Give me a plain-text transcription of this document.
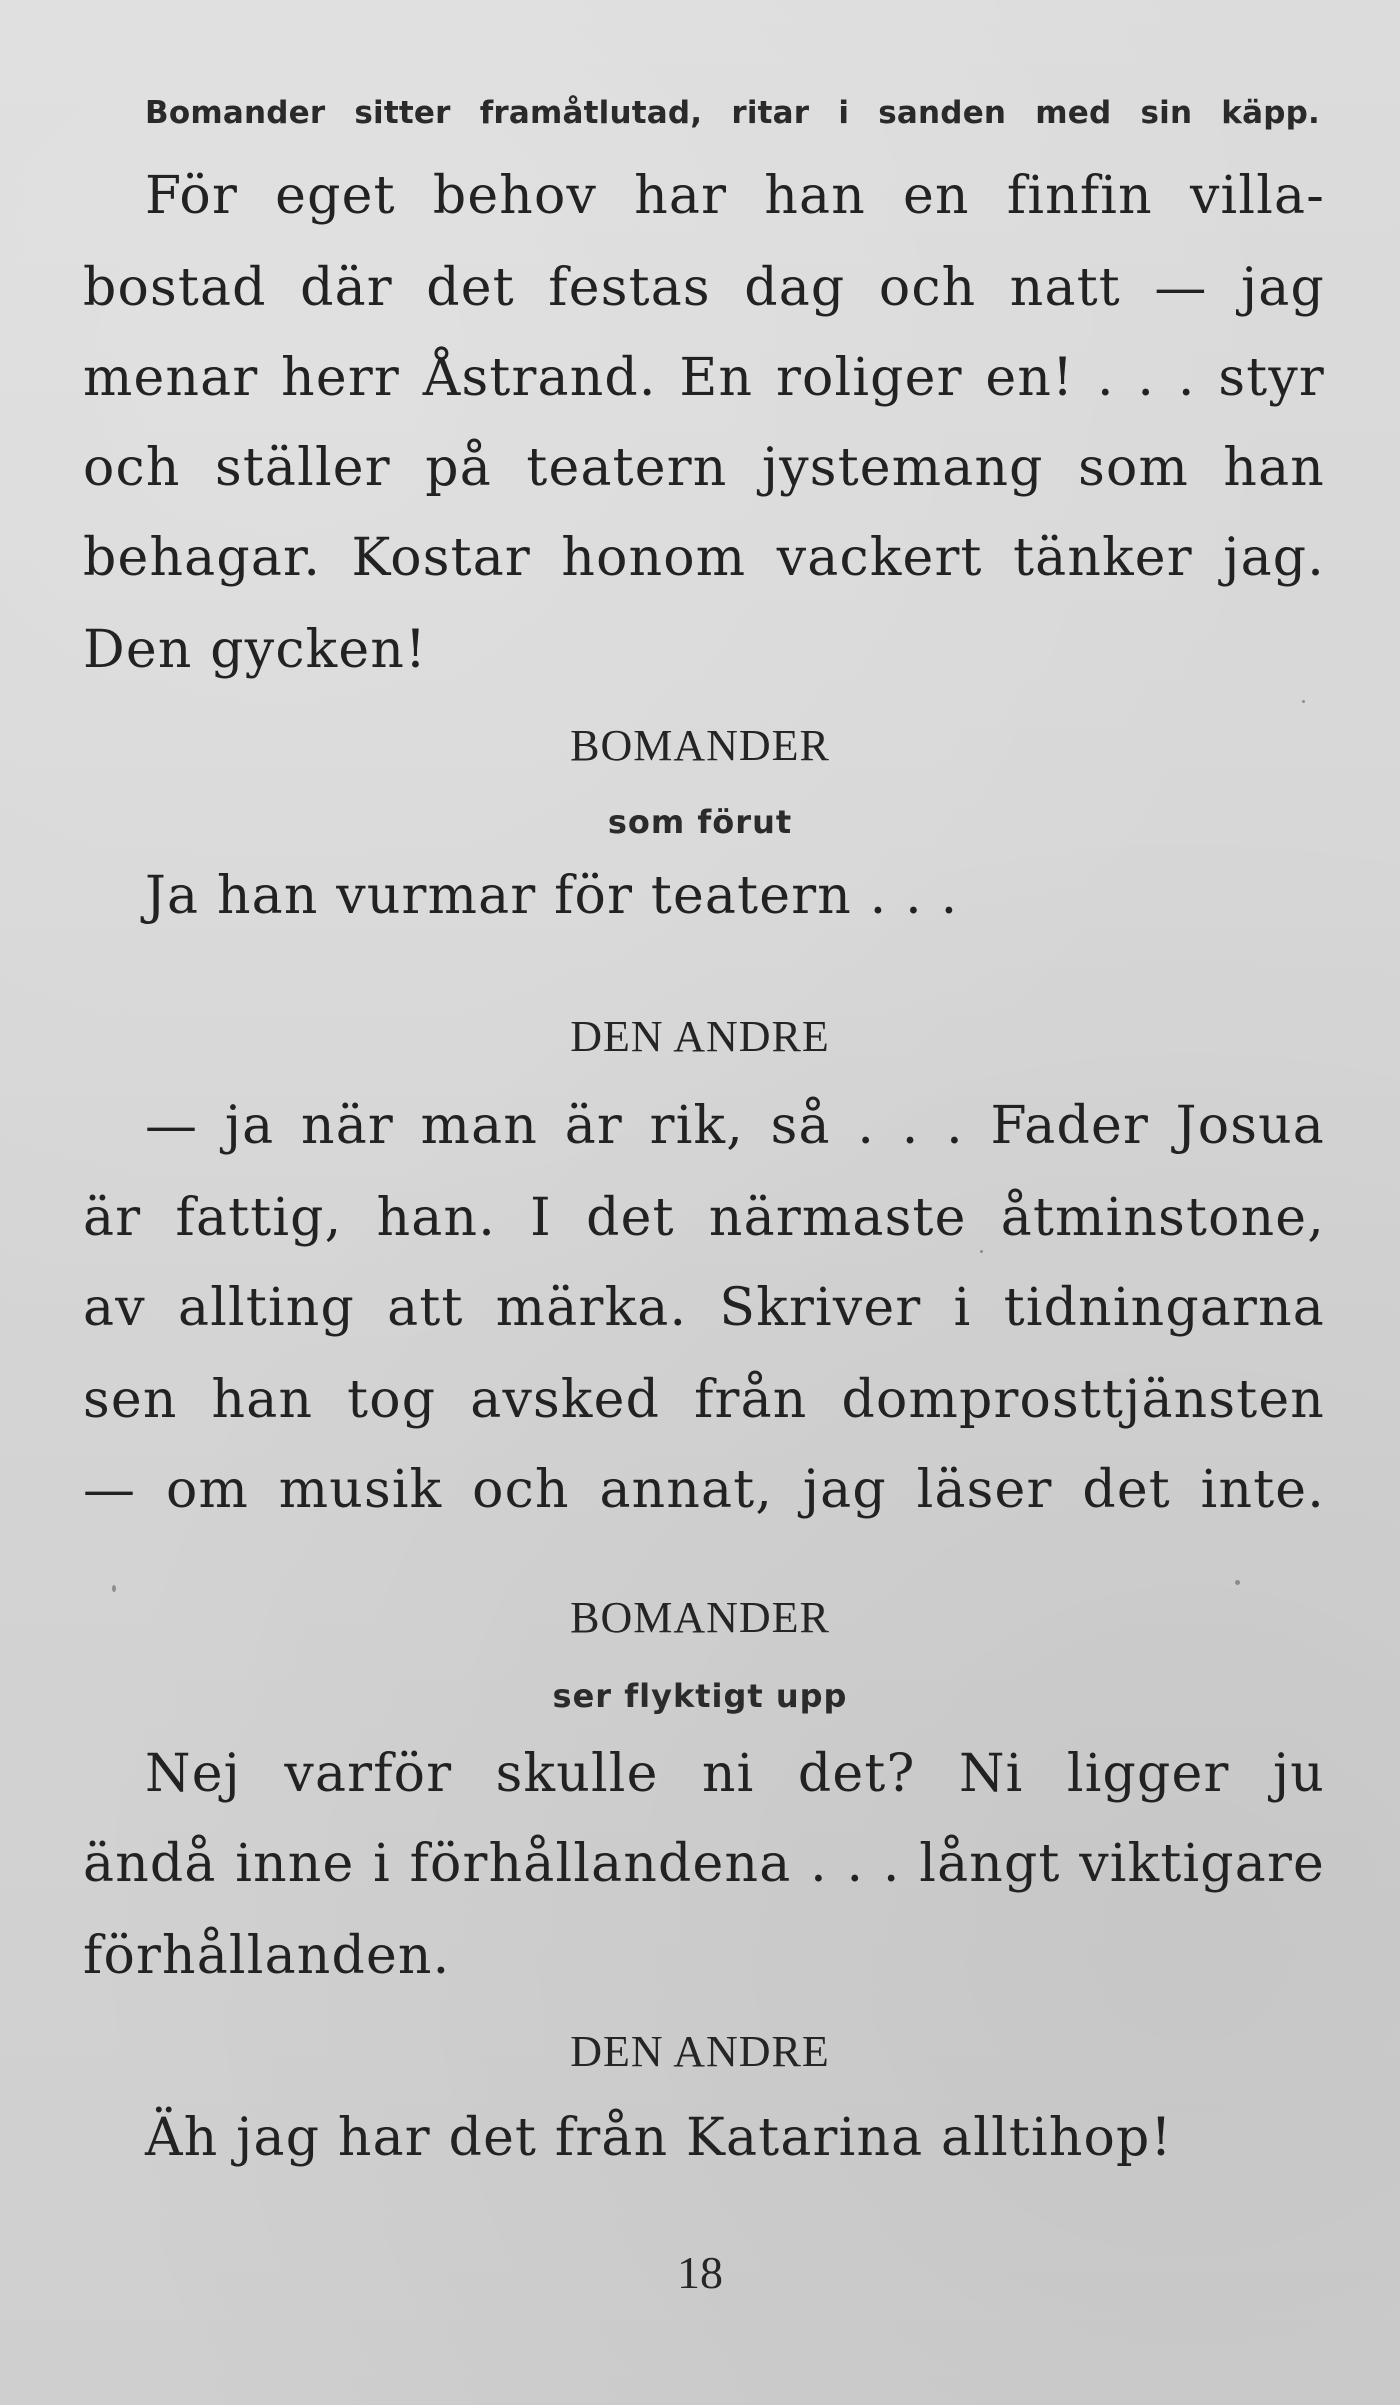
Bomander sitter framåtlutad, ritar i sanden med sin käpp.
För eget behov har han en finfin villa-
bostad där det festas dag och natt — jag
menar herr Åstrand. En roliger en! . . . styr
och ställer på teatern jystemang som han
behagar. Kostar honom vackert tänker jag.
Den gycken!
BOMANDER
som förut
Ja han vurmar för teatern . . .
DEN ANDRE
— ja när man är rik, så . . . Fader Josua
är fattig, han. I det närmaste åtminstone,
av allting att märka. Skriver i tidningarna
sen han tog avsked från domprosttjänsten
— om musik och annat, jag läser det inte.
BOMANDER
ser flyktigt upp
Nej varför skulle ni det? Ni ligger ju
ändå inne i förhållandena . . . långt viktigare
förhållanden.
DEN ANDRE
Äh jag har det från Katarina alltihop!
18
